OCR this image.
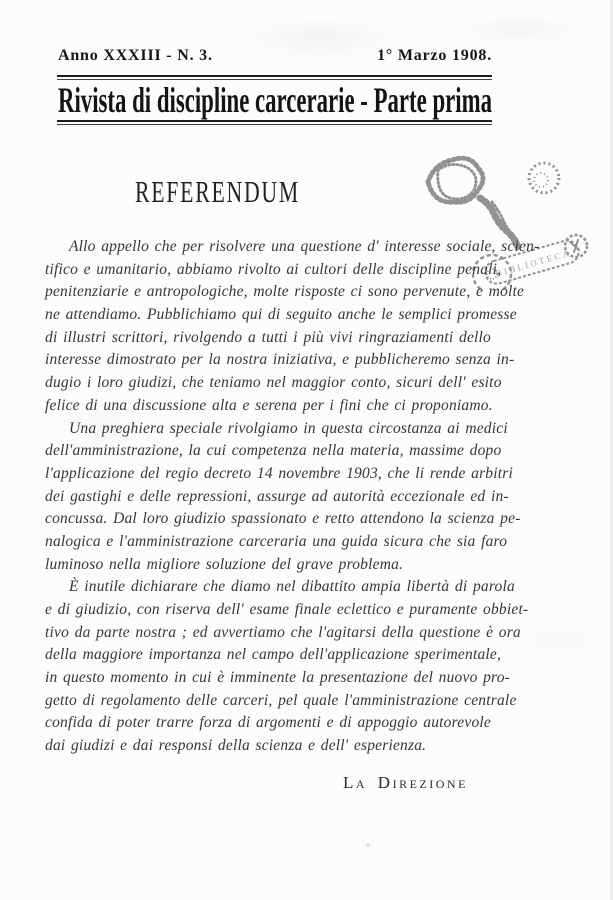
Anno XXXIII - N. 3.	1° Marzo 1908.
Rivista di discipline carcerarie - Parte prima
REFERENDUM
BIBLIOTECA
Allo appello che per risolvere una questione d' interesse sociale, scien-
tifico e umanitario, abbiamo rivolto ai cultori delle discipline penali,
penitenziarie e antropologiche, molte risposte ci sono pervenute, e molte
ne attendiamo. Pubblichiamo qui di seguito anche le semplici promesse
di illustri scrittori, rivolgendo a tutti i più vivi ringraziamenti dello
interesse dimostrato per la nostra iniziativa, e pubblicheremo senza in-
dugio i loro giudizi, che teniamo nel maggior conto, sicuri dell' esito
felice di una discussione alta e serena per i fini che ci proponiamo.
Una preghiera speciale rivolgiamo in questa circostanza ai medici
dell'amministrazione, la cui competenza nella materia, massime dopo
l'applicazione del regio decreto 14 novembre 1903, che li rende arbitri
dei gastighi e delle repressioni, assurge ad autorità eccezionale ed in-
concussa. Dal loro giudizio spassionato e retto attendono la scienza pe-
nalogica e l'amministrazione carceraria una guida sicura che sia faro
luminoso nella migliore soluzione del grave problema.
È inutile dichiarare che diamo nel dibattito ampia libertà di parola
e di giudizio, con riserva dell' esame finale eclettico e puramente obbiet-
tivo da parte nostra ; ed avvertiamo che l'agitarsi della questione è ora
della maggiore importanza nel campo dell'applicazione sperimentale,
in questo momento in cui è imminente la presentazione del nuovo pro-
getto di regolamento delle carceri, pel quale l'amministrazione centrale
confida di poter trarre forza di argomenti e di appoggio autorevole
dai giudizi e dai responsi della scienza e dell' esperienza.
La Direzione
